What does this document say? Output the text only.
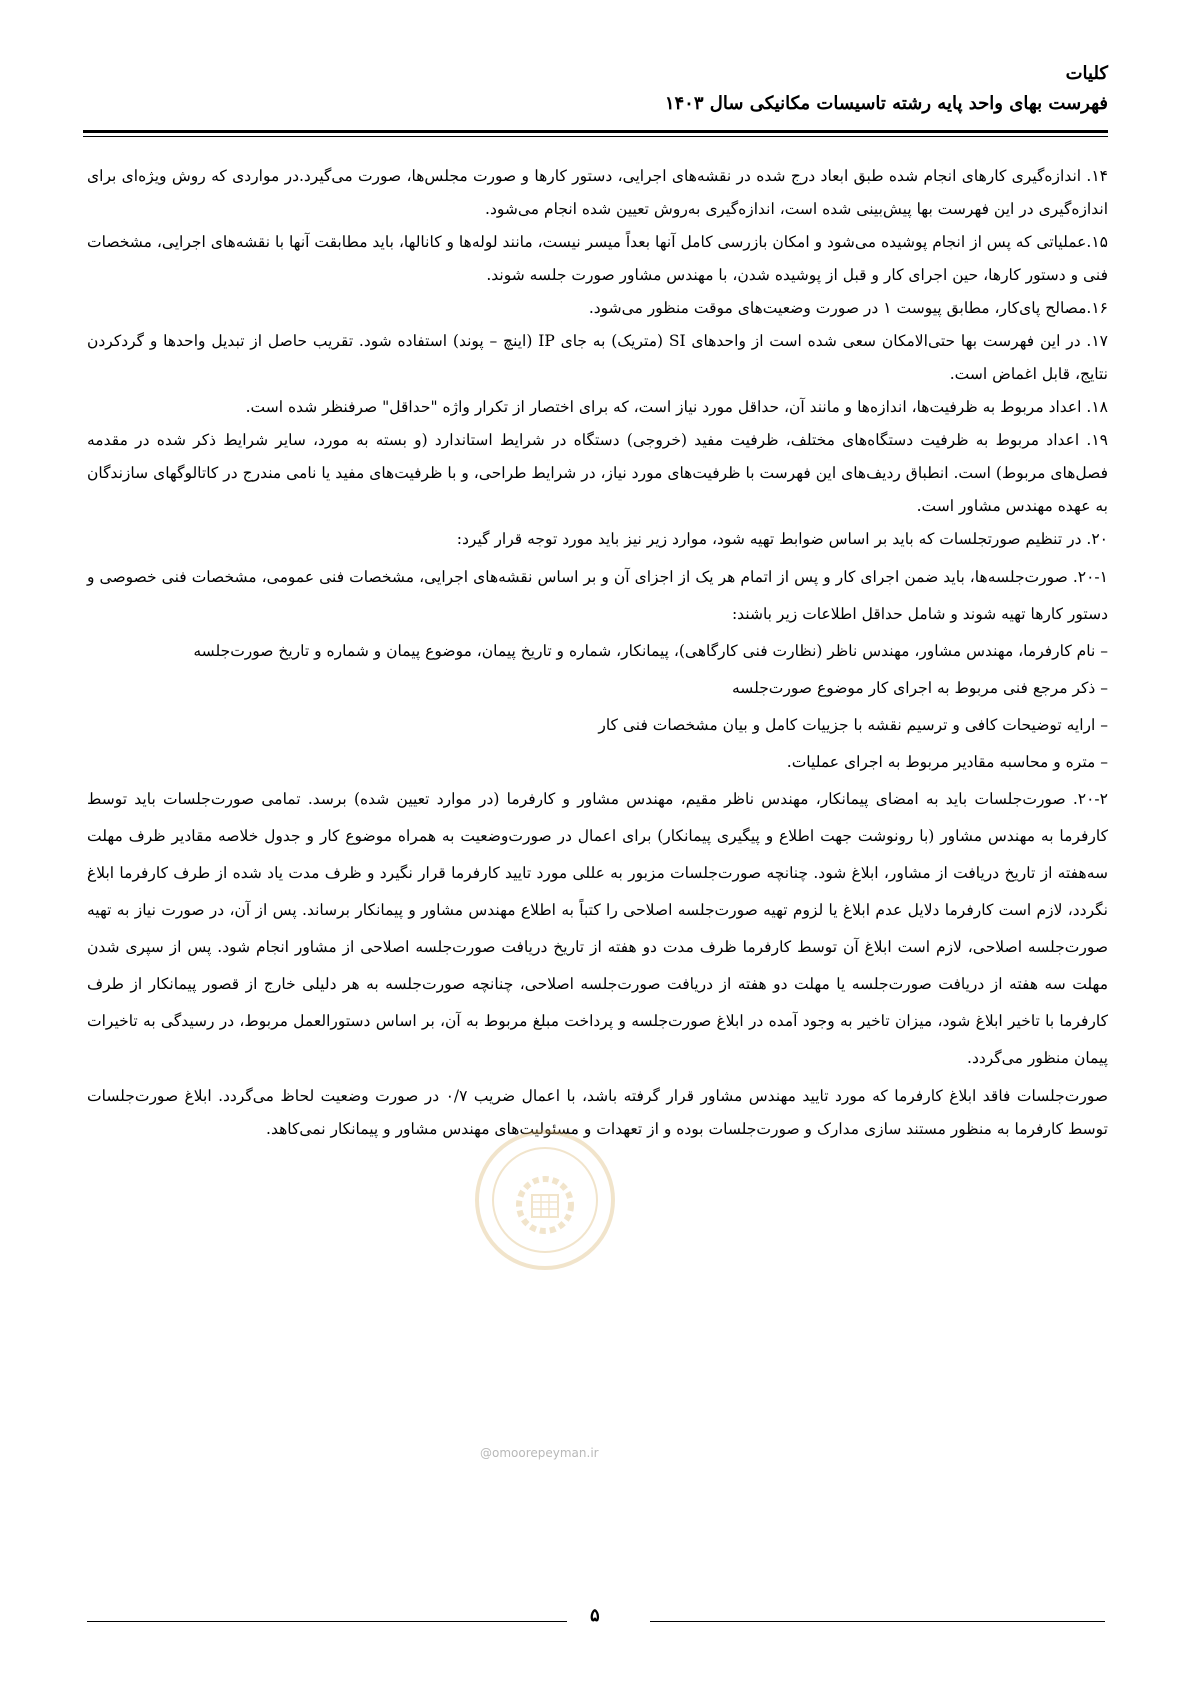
کلیات
فهرست بهای واحد پایه رشته تاسیسات مکانیکی سال ۱۴۰۳

۱۴. اندازه‌گیری کارهای انجام شده طبق ابعاد درج شده در نقشه‌های اجرایی، دستور کارها و صورت مجلس‌ها، صورت می‌گیرد.در مواردی که روش ویژه‌ای برای اندازه‌گیری در این فهرست بها پیش‌بینی شده است، اندازه‌گیری به‌روش تعیین شده انجام می‌شود.

۱۵.عملیاتی که پس از انجام پوشیده می‌شود و امکان بازرسی کامل آنها بعداً میسر نیست، مانند لوله‌ها و کانالها، باید مطابقت آنها با نقشه‌های اجرایی، مشخصات فنی و دستور کارها، حین اجرای کار و قبل از پوشیده شدن، با مهندس مشاور صورت جلسه شوند.

۱۶.مصالح پای‌کار، مطابق پیوست ۱ در صورت وضعیت‌های موقت منظور می‌شود.

۱۷. در این فهرست بها حتی‌الامکان سعی شده است از واحدهای SI (متریک) به جای IP (اینچ – پوند) استفاده شود. تقریب حاصل از تبدیل واحدها و گردکردن نتایج، قابل اغماض است.

۱۸. اعداد مربوط به ظرفیت‌ها، اندازه‌ها و مانند آن، حداقل مورد نیاز است، که برای اختصار از تکرار واژه "حداقل" صرفنظر شده است.

۱۹. اعداد مربوط به ظرفیت دستگاه‌های مختلف، ظرفیت مفید (خروجی) دستگاه در شرایط استاندارد (و بسته به مورد، سایر شرایط ذکر شده در مقدمه فصل‌های مربوط) است. انطباق ردیف‌های این فهرست با ظرفیت‌های مورد نیاز، در شرایط طراحی، و با ظرفیت‌های مفید یا نامی مندرج در کاتالوگهای سازندگان به عهده مهندس مشاور است.

۲۰. در تنظیم صورتجلسات که باید بر اساس ضوابط تهیه شود، موارد زیر نیز باید مورد توجه قرار گیرد:

۲۰-۱. صورت‌جلسه‌ها، باید ضمن اجرای کار و پس از اتمام هر یک از اجزای آن و بر اساس نقشه‌های اجرایی، مشخصات فنی عمومی، مشخصات فنی خصوصی و دستور کارها تهیه شوند و شامل حداقل اطلاعات زیر باشند:

– نام کارفرما، مهندس مشاور، مهندس ناظر (نظارت فنی کارگاهی)، پیمانکار، شماره و تاریخ پیمان، موضوع پیمان و شماره و تاریخ صورت‌جلسه

– ذکر مرجع فنی مربوط به اجرای کار موضوع صورت‌جلسه

– ارایه توضیحات کافی و ترسیم نقشه با جزییات کامل و بیان مشخصات فنی کار

– متره و محاسبه مقادیر مربوط به اجرای عملیات.

۲۰-۲. صورت‌جلسات باید به امضای پیمانکار، مهندس ناظر مقیم، مهندس مشاور و کارفرما (در موارد تعیین شده) برسد. تمامی صورت‌جلسات باید توسط کارفرما به مهندس مشاور (با رونوشت جهت اطلاع و پیگیری پیمانکار) برای اعمال در صورت‌وضعیت به همراه موضوع کار و جدول خلاصه مقادیر ظرف مهلت سه‌هفته از تاریخ دریافت از مشاور، ابلاغ شود. چنانچه صورت‌جلسات مزبور به عللی مورد تایید کارفرما قرار نگیرد و ظرف مدت یاد شده از طرف کارفرما ابلاغ نگردد، لازم است کارفرما دلایل عدم ابلاغ یا لزوم تهیه صورت‌جلسه اصلاحی را کتباً به اطلاع مهندس مشاور و پیمانکار برساند. پس از آن، در صورت نیاز به تهیه صورت‌جلسه اصلاحی، لازم است ابلاغ آن توسط کارفرما ظرف مدت دو هفته از تاریخ دریافت صورت‌جلسه اصلاحی از مشاور انجام شود. پس از سپری شدن مهلت سه هفته از دریافت صورت‌جلسه یا مهلت دو هفته از دریافت صورت‌جلسه اصلاحی، چنانچه صورت‌جلسه به هر دلیلی خارج از قصور پیمانکار از طرف کارفرما با تاخیر ابلاغ شود، میزان تاخیر به وجود آمده در ابلاغ صورت‌جلسه و پرداخت مبلغ مربوط به آن، بر اساس دستورالعمل مربوط، در رسیدگی به تاخیرات پیمان منظور می‌گردد.

صورت‌جلسات فاقد ابلاغ کارفرما که مورد تایید مهندس مشاور قرار گرفته باشد، با اعمال ضریب ۰/۷ در صورت وضعیت لحاظ می‌گردد. ابلاغ صورت‌جلسات توسط کارفرما به منظور مستند سازی مدارک و صورت‌جلسات بوده و از تعهدات و مسئولیت‌های مهندس مشاور و پیمانکار نمی‌کاهد.

@omoorepeyman.ir
۵
